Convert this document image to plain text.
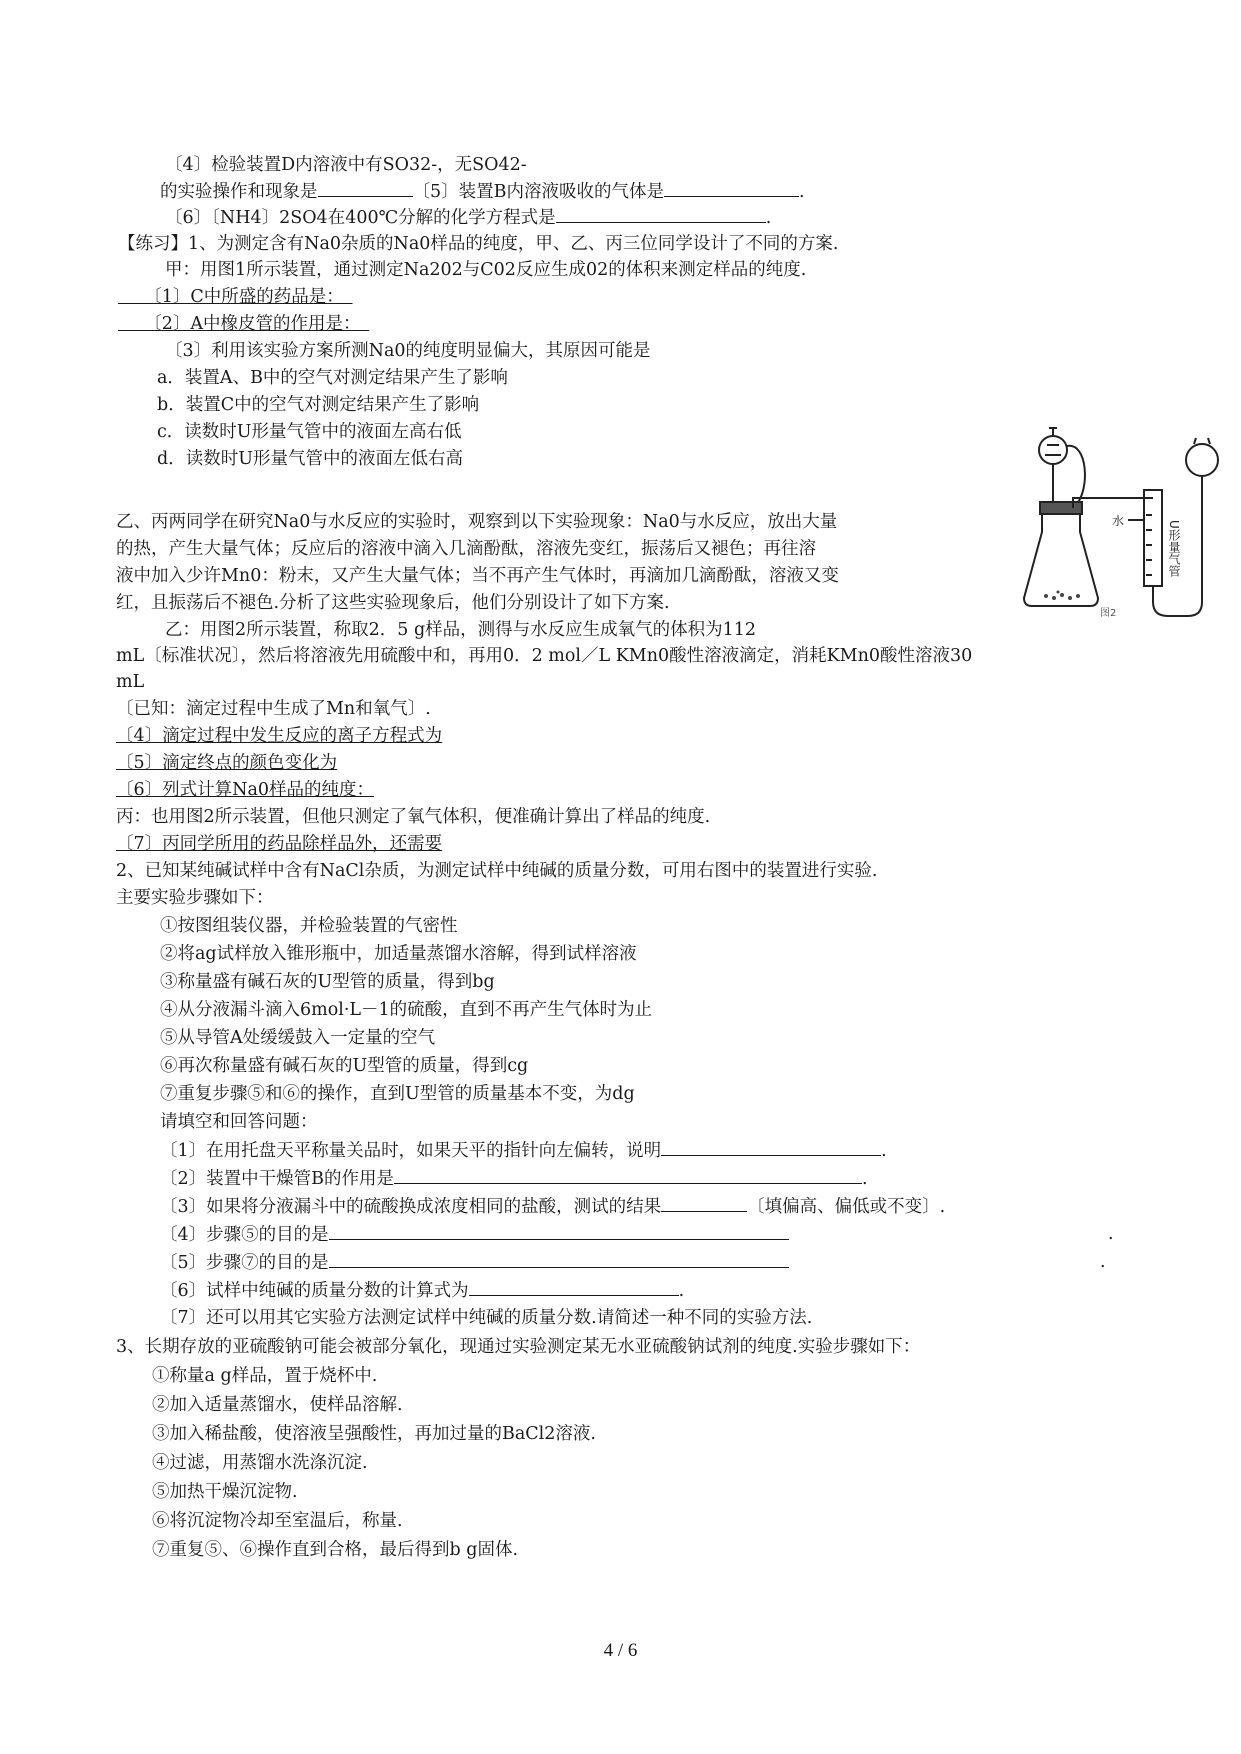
〔4〕检验装置D内溶液中有SO32-，无SO42-
的实验操作和现象是	〔5〕装置B内溶液吸收的气体是	.
〔6〕〔NH4〕2SO4在400℃分解的化学方程式是	.
【练习】1、为测定含有Na0杂质的Na0样品的纯度，甲、乙、丙三位同学设计了不同的方案.
甲：用图1所示装置，通过测定Na202与C02反应生成02的体积来测定样品的纯度.
　　〔1〕C中所盛的药品是：　
　　〔2〕A中橡皮管的作用是：　
〔3〕利用该实验方案所测Na0的纯度明显偏大，其原因可能是
a．装置A、B中的空气对测定结果产生了影响
b．装置C中的空气对测定结果产生了影响
c．读数时U形量气管中的液面左高右低
d．读数时U形量气管中的液面左低右高
乙、丙两同学在研究Na0与水反应的实验时，观察到以下实验现象：Na0与水反应，放出大量
的热，产生大量气体；反应后的溶液中滴入几滴酚酞，溶液先变红，振荡后又褪色；再往溶
液中加入少许Mn0：粉末，又产生大量气体；当不再产生气体时，再滴加几滴酚酞，溶液又变
红，且振荡后不褪色.分析了这些实验现象后，他们分别设计了如下方案.
乙：用图2所示装置，称取2．5 g样品，测得与水反应生成氧气的体积为112
mL〔标准状况〕，然后将溶液先用硫酸中和，再用0．2 mol／L KMn0酸性溶液滴定，消耗KMn0酸性溶液30
mL
〔已知：滴定过程中生成了Mn和氧气〕.
〔4〕滴定过程中发生反应的离子方程式为
〔5〕滴定终点的颜色变化为
〔6〕列式计算Na0样品的纯度：
丙：也用图2所示装置，但他只测定了氧气体积，便准确计算出了样品的纯度.
〔7〕丙同学所用的药品除样品外，还需要
2、已知某纯碱试样中含有NaCl杂质，为测定试样中纯碱的质量分数，可用右图中的装置进行实验.
主要实验步骤如下：
①按图组装仪器，并检验装置的气密性
②将ag试样放入锥形瓶中，加适量蒸馏水溶解，得到试样溶液
③称量盛有碱石灰的U型管的质量，得到bg
④从分液漏斗滴入6mol·L－1的硫酸，直到不再产生气体时为止
⑤从导管A处缓缓鼓入一定量的空气
⑥再次称量盛有碱石灰的U型管的质量，得到cg
⑦重复步骤⑤和⑥的操作，直到U型管的质量基本不变，为dg
请填空和回答问题：
〔1〕在用托盘天平称量关品时，如果天平的指针向左偏转，说明	.
〔2〕装置中干燥管B的作用是	.
〔3〕如果将分液漏斗中的硫酸换成浓度相同的盐酸，测试的结果	〔填偏高、偏低或不变〕.
〔4〕步骤⑤的目的是	.
〔5〕步骤⑦的目的是	.
〔6〕试样中纯碱的质量分数的计算式为	.
〔7〕还可以用其它实验方法测定试样中纯碱的质量分数.请简述一种不同的实验方法.
3、长期存放的亚硫酸钠可能会被部分氧化，现通过实验测定某无水亚硫酸钠试剂的纯度.实验步骤如下：
①称量a g样品，置于烧杯中.
②加入适量蒸馏水，使样品溶解.
③加入稀盐酸，使溶液呈强酸性，再加过量的BaCl2溶液.
④过滤，用蒸馏水洗涤沉淀.
⑤加热干燥沉淀物.
⑥将沉淀物冷却至室温后，称量.
⑦重复⑤、⑥操作直到合格，最后得到b g固体.
水	U形量气管
图2
4 / 6
